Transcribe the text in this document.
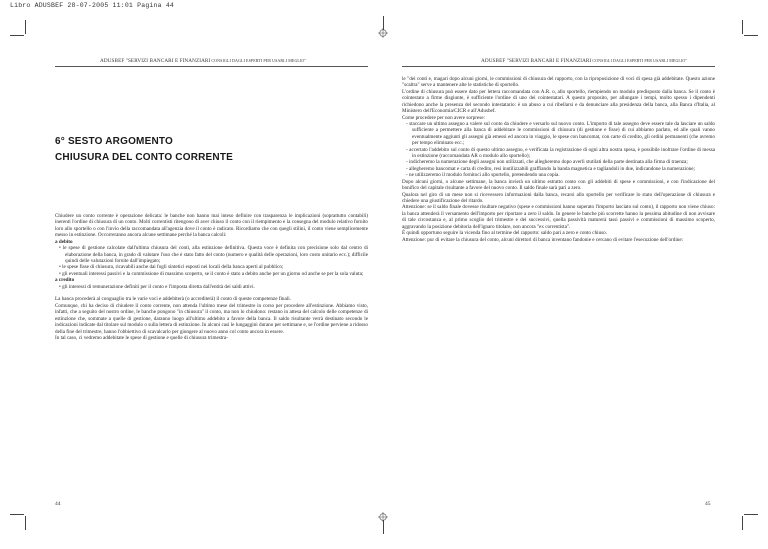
Libro ADUSBEF 28-07-2005 11:01 Pagina 44
ADUSBEF "SERVIZI BANCARI E FINANZIARI CONSIGLI DAGLI ESPERTI PER USARLI MEGLIO"	ADUSBEF "SERVIZI BANCARI E FINANZIARI CONSIGLI DAGLI ESPERTI PER USARLI MEGLIO"
6° SESTO ARGOMENTO
CHIUSURA DEL CONTO CORRENTE

Chiudere un conto corrente è operazione delicata: le banche non hanno mai inteso definire con trasparenza le implicazioni (soprattutto contabili) inerenti l'ordine di chiusura di un conto. Molti correntisti ritengono di aver chiuso il conto con il riempimento e la consegna del modulo relativo fornito loro allo sportello o con l'invio della raccomandata all'agenzia dove il conto è radicato. Ricordiamo che con quegli stilini, il conto viene semplicemente messo in estinzione. Occorreranno ancora alcune settimane perché la banca calcoli:

a debito

• le spese di gestione calcolate dall'ultima chiusura del conti, alla estinzione definitiva. Questa voce è definita con precisione solo dal centro di elaborazione della banca, in grado di valutare l'uso che è stato fatto del conto (numero e qualità delle operazioni, loro costo unitario ecc.); difficile quindi delle valutazioni fornite dall'impiegato;

• le spese fisse di chiusura, ricavabili anche dai fogli sintetici esposti nei locali della banca aperti al pubblico;

• gli eventuali interessi passivi e la commissione di massimo scoperto, se il conto è stato a debito anche per un giorno od anche se per la sola valuta;

a credito

• gli interessi di remunerazione definiti per il conto e l'imposta diretta dall'entità dei saldi attivi.

La banca procederà al conguaglio tra le varie voci e addebiterà (o accrediterà) il conto di queste competenze finali.

Comunque, chi ha deciso di chiudere il conto corrente, non attenda l'ultimo mese del trimestre in corso per procedere all'estinzione. Abbiamo visto, infatti, che a seguito del nostro ordine, le banche pongono "in chiusura" il conto, ma non lo chiudono: restano in attesa del calcolo delle competenze di estinzione che, sommate a quelle di gestione, daranno luogo all'ultimo addebito a favore della banca. Il saldo risultante verrà destinato secondo le indicazioni indicate dal titolare sul modulo o sulla lettera di estinzione. In alcuni casi le lungaggini durano per settimane e, se l'ordine perviene a ridosso della fine del trimestre, hanno l'obbiettivo di scavalcarlo per giungere al nuovo anno col conto ancora in essere.

In tal caso, ci vedremo addebitate le spese di gestione e quelle di chiusura trimestra-

44

le "dei conti e, magari dopo alcuni giorni, le commissioni di chiusura del rapporto, con la riproposizione di voci di spesa già addebitate. Questo azione "scaltra" serve a mantenere alte le statistiche di sportello.

L'ordine di chiusura può essere dato per lettera raccomandata con A.R. o, allo sportello, riempiendo un modulo predisposto dalla banca. Se il conto è cointestato a firme disgiunte, è sufficiente l'ordine di uno dei cointestatari. A questo proposito, per allungare i tempi, molto spesso i dipendenti richiedono anche la presenza del secondo intestatario: è un abuso a cui ribellarsi e da denunciare alla presidenza della banca, alla Banca d'Italia, al Ministero dell'Economia/CICR e all'Adusbef.

Come procedere per non avere sorprese:

- staccare un ultimo assegno a valere sul conto da chiudere e versarlo sul nuovo conto. L'importo di tale assegno deve essere tale da lasciare un saldo sufficiente a permettere alla banca di addebitare le commissioni di chiusura (di gestione e fisse) di cui abbiamo parlato, ed alle quali vanno eventualmente aggiunti gli assegni già emessi ed ancora in viaggio, le spese con bancomat, con carte di credito, gli ordini permanenti (che avremo per tempo eliminato ecc.;

- accertato l'addebito sul conto di questo ultimo assegno, e verificata la registrazione di ogni altra nostra spesa, è possibile inoltrare l'ordine di messa in estinzione (raccomandata AR o modulo allo sportello);

- indicheremo la numerazione degli assegni non utilizzati, che allegheremo dopo averli stutilati della parte destinata alla firma di traenza;

- allegheremo bancomat e carta di credito, resi inutilizzabili graffiando la banda magnetica e tagliandoli in due, indicandone la numerazione;

- ne utilizzeremo il modulo fornitoci allo sportello, pretendendo una copia.

Dopo alcuni giorni, o alcune settimane, la banca invierà un ultimo estratto conto con gli addebiti di spese e commissioni, e con l'indicazione del bonifico del capitale risultante a favore del nuovo conto. Il saldo finale sarà pari a zero.

Qualora nel giro di un mese non si ricevessero informazioni dalla banca, recarsi allo sportello per verificare lo stato dell'operazione di chiusura e chiedere una giustificazione del ritardo.

Attenzione: se il saldo finale dovesse risultare negativo (spese e commissioni hanno superato l'importo lasciato sul conto), il rapporto non viene chiuso: la banca attenderà il versamento dell'importo per riportare a zero il saldo. In genere le banche più scorrette hanno la pessima abitudine di non avvisare di tale circostanza e, al primo scoglio del trimestre e dei successivi, quella passività maturerà tassi passivi e commissioni di massimo scoperto, aggravando la posizione debitoria dell'ignaro titolare, non ancora "ex correntista".

È quindi opportuno seguire la vicenda fino al termine del rapporto: saldo pari a zero e conto chiuso.

Attenzione: pur di evitare la chiusura del conto, alcuni direttori di banca inventano fandonie e cercano di evitare l'esecuzione dell'ordine:

45
